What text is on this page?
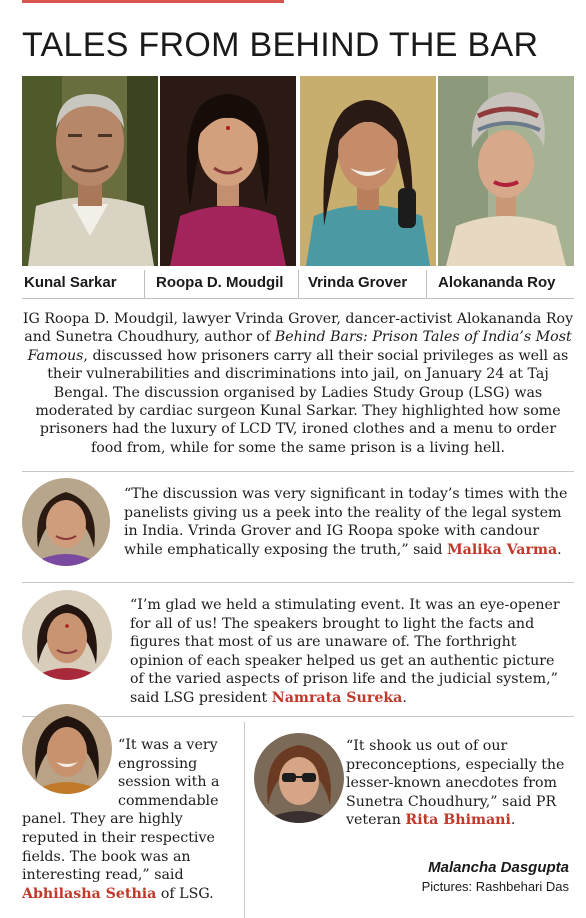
TALES FROM BEHIND THE BAR
Kunal Sarkar	Roopa D. Moudgil Vrinda Grover Alokananda Roy

IG Roopa D. Moudgil, lawyer Vrinda Grover, dancer-activist Alokananda Roy and Sunetra Choudhury, author of Behind Bars: Prison Tales of India’s Most Famous, discussed how prisoners carry all their social privileges as well as their vulnerabilities and discriminations into jail, on January 24 at Taj Bengal. The discussion organised by Ladies Study Group (LSG) was moderated by cardiac surgeon Kunal Sarkar. They highlighted how some prisoners had the luxury of LCD TV, ironed clothes and a menu to order food from, while for some the same prison is a living hell.

“The discussion was very significant in today’s times with the panelists giving us a peek into the reality of the legal system in India. Vrinda Grover and IG Roopa spoke with candour while emphatically exposing the truth,” said Malika Varma.

“I’m glad we held a stimulating event. It was an eye-opener for all of us! The speakers brought to light the facts and figures that most of us are unaware of. The forthright opinion of each speaker helped us get an authentic picture of the varied aspects of prison life and the judicial system,” said LSG president Namrata Sureka.

“It was a very engrossing session with a commendable panel. They are highly reputed in their respective fields. The book was an interesting read,” said Abhilasha Sethia of LSG.

“It shook us out of our preconceptions, especially the lesser-known anecdotes from Sunetra Choudhury,” said PR veteran Rita Bhimani.

Malancha Dasgupta
Pictures: Rashbehari Das
